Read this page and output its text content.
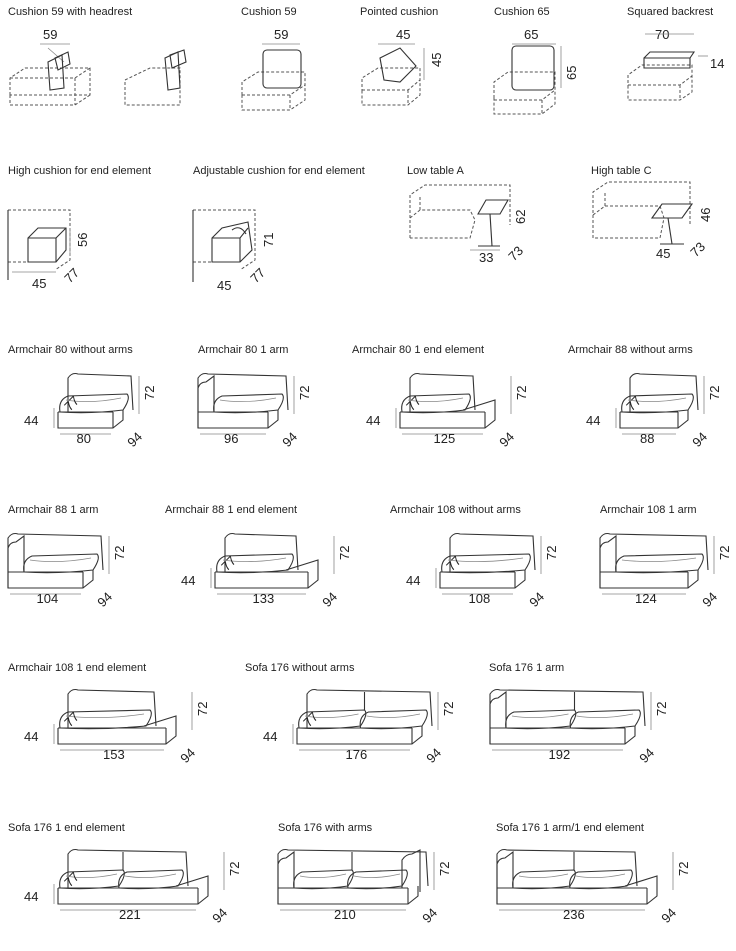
Cushion 59 with headrest
59
Cushion 59
59
Pointed cushion
45
45
Cushion 65
65
65
Squared backrest
70
14
High cushion for end element
56
77
45
Adjustable cushion for end element
71
77
45
Low table A
62
73
33
High table C
46
73
45
Armchair 80 without arms
80
72
94
77
44
Armchair 80 1 arm
96
72
94
Armchair 80 1 end element
125
72
94
77
44
Armchair 88 without arms
88
72
94
77
44
Armchair 88 1 arm
104
72
94
Armchair 88 1 end element
133
72
94
77
44
Armchair 108 without arms
108
72
94
77
44
Armchair 108 1 arm
124
72
94
Armchair 108 1 end element
153
72
94
77
44
Sofa 176 without arms
176
72
94
77
44
Sofa 176 1 arm
192
72
94
Sofa 176 1 end element
221
72
94
77
44
Sofa 176 with arms
210
72
94
Sofa 176 1 arm/1 end element
236
72
94
